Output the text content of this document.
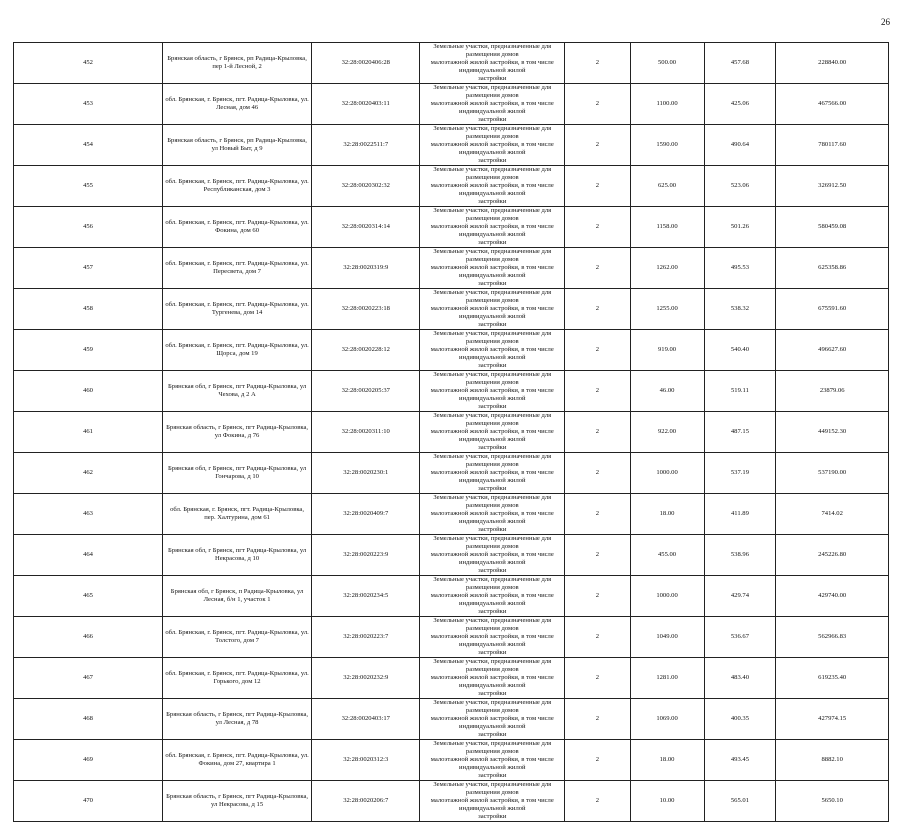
26
452	Брянская область, г Брянск, рп Радица-Крыловка, пер 1-й Лесной, 2	32:28:0020406:28	Земельные участки, предназначенные для размещения домов
малоэтажной жилой застройки, в том числе индивидуальной жилой
застройки	2	500.00	457.68	228840.00
453	обл. Брянская, г. Брянск, пгт. Радица-Крыловка, ул. Лесная, дом 46	32:28:0020403:11	Земельные участки, предназначенные для размещения домов
малоэтажной жилой застройки, в том числе индивидуальной жилой
застройки	2	1100.00	425.06	467566.00
454	Брянская область, г Брянск, рп Радица-Крыловка, ул Новый Быт, д 9	32:28:0022511:7	Земельные участки, предназначенные для размещения домов
малоэтажной жилой застройки, в том числе индивидуальной жилой
застройки	2	1590.00	490.64	780117.60
455	обл. Брянская, г. Брянск, пгт. Радица-Крыловка, ул. Республиканская, дом 3	32:28:0020302:32	Земельные участки, предназначенные для размещения домов
малоэтажной жилой застройки, в том числе индивидуальной жилой
застройки	2	625.00	523.06	326912.50
456	обл. Брянская, г. Брянск, пгт. Радица-Крыловка, ул. Фокина, дом 60	32:28:0020314:14	Земельные участки, предназначенные для размещения домов
малоэтажной жилой застройки, в том числе индивидуальной жилой
застройки	2	1158.00	501.26	580459.08
457	обл. Брянская, г. Брянск, пгт. Радица-Крыловка, ул. Пересвета, дом 7	32:28:0020319:9	Земельные участки, предназначенные для размещения домов
малоэтажной жилой застройки, в том числе индивидуальной жилой
застройки	2	1262.00	495.53	625358.86
458	обл. Брянская, г. Брянск, пгт. Радица-Крыловка, ул. Тургенева, дом 14	32:28:0020223:18	Земельные участки, предназначенные для размещения домов
малоэтажной жилой застройки, в том числе индивидуальной жилой
застройки	2	1255.00	538.32	675591.60
459	обл. Брянская, г. Брянск, пгт. Радица-Крыловка, ул. Щорса, дом 19	32:28:0020228:12	Земельные участки, предназначенные для размещения домов
малоэтажной жилой застройки, в том числе индивидуальной жилой
застройки	2	919.00	540.40	496627.60
460	Брянская обл, г Брянск, пгт Радица-Крыловка, ул Чехова, д 2 А	32:28:0020205:37	Земельные участки, предназначенные для размещения домов
малоэтажной жилой застройки, в том числе индивидуальной жилой
застройки	2	46.00	519.11	23879.06
461	Брянская область, г Брянск, пгт Радица-Крыловка, ул Фокина, д 76	32:28:0020311:10	Земельные участки, предназначенные для размещения домов
малоэтажной жилой застройки, в том числе индивидуальной жилой
застройки	2	922.00	487.15	449152.30
462	Брянская обл, г Брянск, пгт Радица-Крыловка, ул Гончарова, д 10	32:28:0020230:1	Земельные участки, предназначенные для размещения домов
малоэтажной жилой застройки, в том числе индивидуальной жилой
застройки	2	1000.00	537.19	537190.00
463	обл. Брянская, г. Брянск, пгт. Радица-Крыловка, пер. Халтурина, дом 61	32:28:0020409:7	Земельные участки, предназначенные для размещения домов
малоэтажной жилой застройки, в том числе индивидуальной жилой
застройки	2	18.00	411.89	7414.02
464	Брянская обл, г Брянск, пгт Радица-Крыловка, ул Некрасова, д 10	32:28:0020223:9	Земельные участки, предназначенные для размещения домов
малоэтажной жилой застройки, в том числе индивидуальной жилой
застройки	2	455.00	538.96	245226.80
465	Брянская обл, г Брянск, п Радица-Крыловка, ул Лесная, б/н 1, участок 1	32:28:0020234:5	Земельные участки, предназначенные для размещения домов
малоэтажной жилой застройки, в том числе индивидуальной жилой
застройки	2	1000.00	429.74	429740.00
466	обл. Брянская, г. Брянск, пгт. Радица-Крыловка, ул. Толстого, дом 7	32:28:0020223:7	Земельные участки, предназначенные для размещения домов
малоэтажной жилой застройки, в том числе индивидуальной жилой
застройки	2	1049.00	536.67	562966.83
467	обл. Брянская, г. Брянск, пгт. Радица-Крыловка, ул. Горького, дом 12	32:28:0020232:9	Земельные участки, предназначенные для размещения домов
малоэтажной жилой застройки, в том числе индивидуальной жилой
застройки	2	1281.00	483.40	619235.40
468	Брянская область, г Брянск, пгт Радица-Крыловка, ул Лесная, д 78	32:28:0020403:17	Земельные участки, предназначенные для размещения домов
малоэтажной жилой застройки, в том числе индивидуальной жилой
застройки	2	1069.00	400.35	427974.15
469	обл. Брянская, г. Брянск, пгт. Радица-Крыловка, ул. Фокина, дом 27, квартира 1	32:28:0020312:3	Земельные участки, предназначенные для размещения домов
малоэтажной жилой застройки, в том числе индивидуальной жилой
застройки	2	18.00	493.45	8882.10
470	Брянская область, г Брянск, пгт Радица-Крыловка, ул Некрасова, д 15	32:28:0020206:7	Земельные участки, предназначенные для размещения домов
малоэтажной жилой застройки, в том числе индивидуальной жилой
застройки	2	10.00	565.01	5650.10
